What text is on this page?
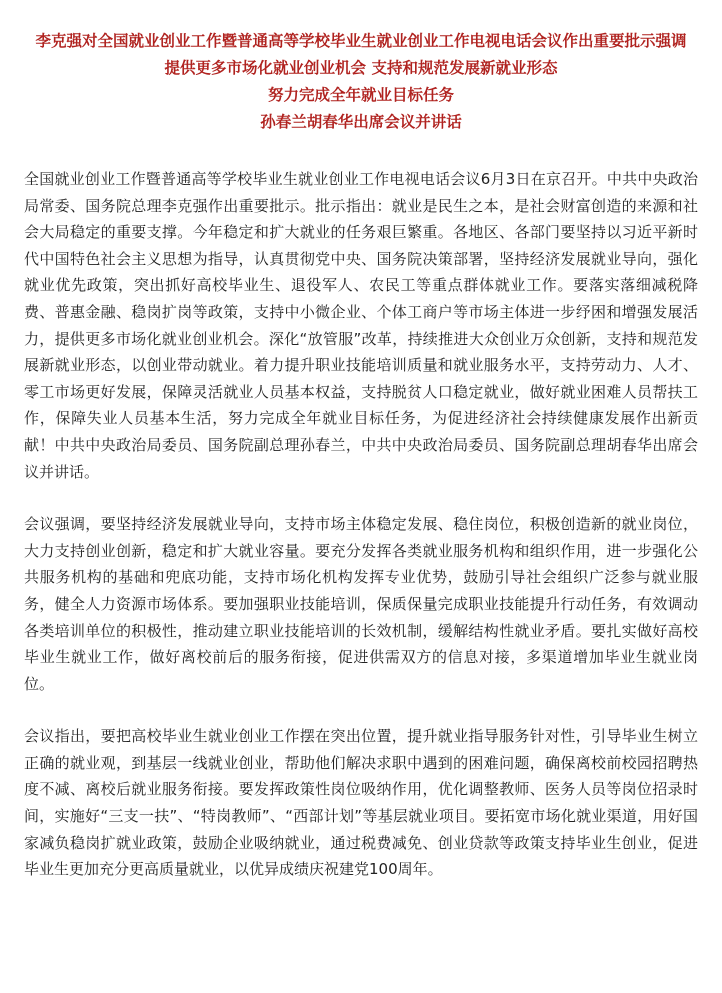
李克强对全国就业创业工作暨普通高等学校毕业生就业创业工作电视电话会议作出重要批示强调
提供更多市场化就业创业机会 支持和规范发展新就业形态
努力完成全年就业目标任务
孙春兰胡春华出席会议并讲话

全国就业创业工作暨普通高等学校毕业生就业创业工作电视电话会议6月3日在京召开。中共中央政治局常委、国务院总理李克强作出重要批示。批示指出：就业是民生之本，是社会财富创造的来源和社会大局稳定的重要支撑。今年稳定和扩大就业的任务艰巨繁重。各地区、各部门要坚持以习近平新时代中国特色社会主义思想为指导，认真贯彻党中央、国务院决策部署，坚持经济发展就业导向，强化就业优先政策，突出抓好高校毕业生、退役军人、农民工等重点群体就业工作。要落实落细减税降费、普惠金融、稳岗扩岗等政策，支持中小微企业、个体工商户等市场主体进一步纾困和增强发展活力，提供更多市场化就业创业机会。深化“放管服”改革，持续推进大众创业万众创新，支持和规范发展新就业形态，以创业带动就业。着力提升职业技能培训质量和就业服务水平，支持劳动力、人才、零工市场更好发展，保障灵活就业人员基本权益，支持脱贫人口稳定就业，做好就业困难人员帮扶工作，保障失业人员基本生活，努力完成全年就业目标任务，为促进经济社会持续健康发展作出新贡献！中共中央政治局委员、国务院副总理孙春兰，中共中央政治局委员、国务院副总理胡春华出席会议并讲话。

会议强调，要坚持经济发展就业导向，支持市场主体稳定发展、稳住岗位，积极创造新的就业岗位，大力支持创业创新，稳定和扩大就业容量。要充分发挥各类就业服务机构和组织作用，进一步强化公共服务机构的基础和兜底功能，支持市场化机构发挥专业优势，鼓励引导社会组织广泛参与就业服务，健全人力资源市场体系。要加强职业技能培训，保质保量完成职业技能提升行动任务，有效调动各类培训单位的积极性，推动建立职业技能培训的长效机制，缓解结构性就业矛盾。要扎实做好高校毕业生就业工作，做好离校前后的服务衔接，促进供需双方的信息对接，多渠道增加毕业生就业岗位。

会议指出，要把高校毕业生就业创业工作摆在突出位置，提升就业指导服务针对性，引导毕业生树立正确的就业观，到基层一线就业创业，帮助他们解决求职中遇到的困难问题，确保离校前校园招聘热度不减、离校后就业服务衔接。要发挥政策性岗位吸纳作用，优化调整教师、医务人员等岗位招录时间，实施好“三支一扶”、“特岗教师”、“西部计划”等基层就业项目。要拓宽市场化就业渠道，用好国家减负稳岗扩就业政策，鼓励企业吸纳就业，通过税费减免、创业贷款等政策支持毕业生创业，促进毕业生更加充分更高质量就业，以优异成绩庆祝建党100周年。
